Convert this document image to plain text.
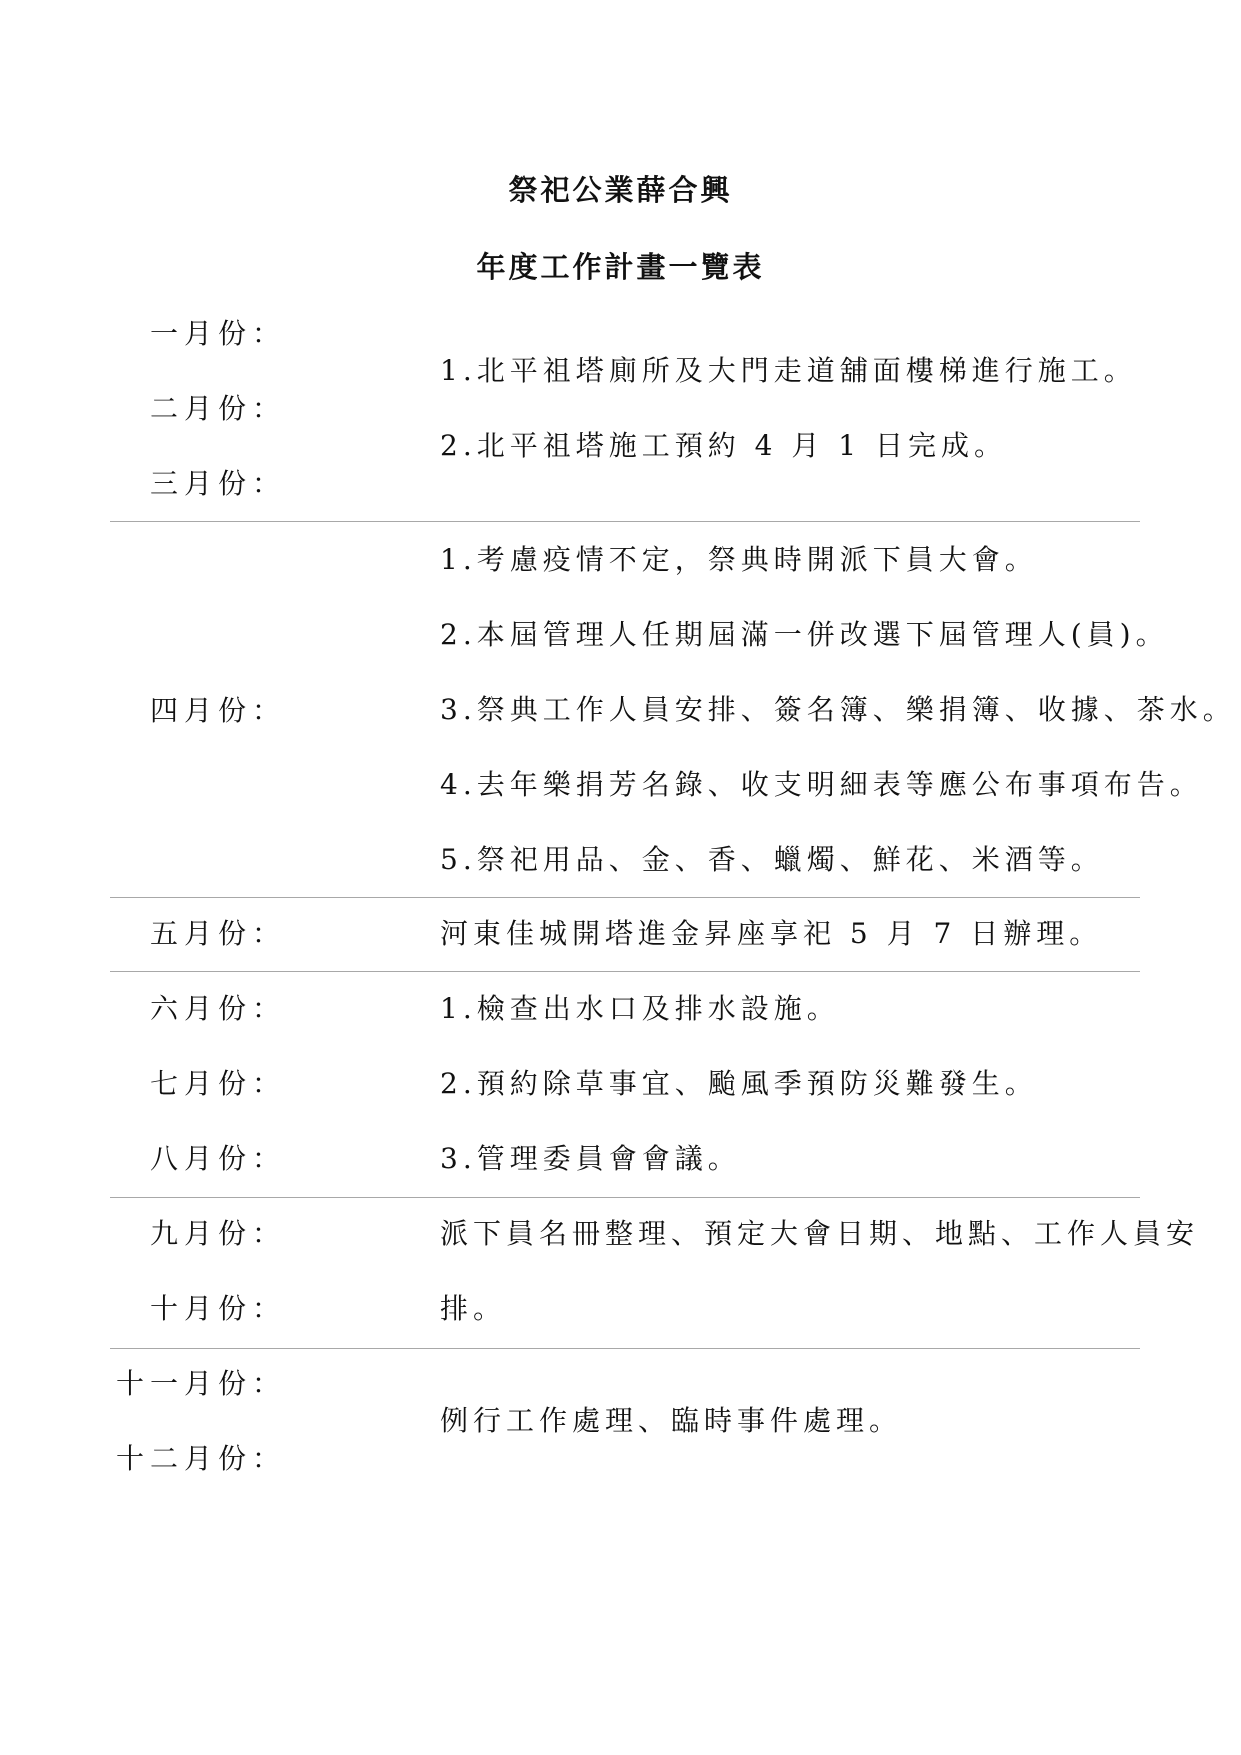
祭祀公業薛合興
年度工作計畫一覽表
一月份：
二月份：
三月份：
1.北平祖塔廁所及大門走道舖面樓梯進行施工。
2.北平祖塔施工預約 4 月 1 日完成。
四月份：
1.考慮疫情不定，祭典時開派下員大會。
2.本屆管理人任期屆滿一併改選下屆管理人(員)。
3.祭典工作人員安排、簽名簿、樂捐簿、收據、茶水。
4.去年樂捐芳名錄、收支明細表等應公布事項布告。
5.祭祀用品、金、香、蠟燭、鮮花、米酒等。
五月份：	河東佳城開塔進金昇座享祀 5 月 7 日辦理。
六月份：
七月份：
八月份：
1.檢查出水口及排水設施。
2.預約除草事宜、颱風季預防災難發生。
3.管理委員會會議。
九月份：
十月份：
派下員名冊整理、預定大會日期、地點、工作人員安
排。
十一月份：
十二月份：
例行工作處理、臨時事件處理。
